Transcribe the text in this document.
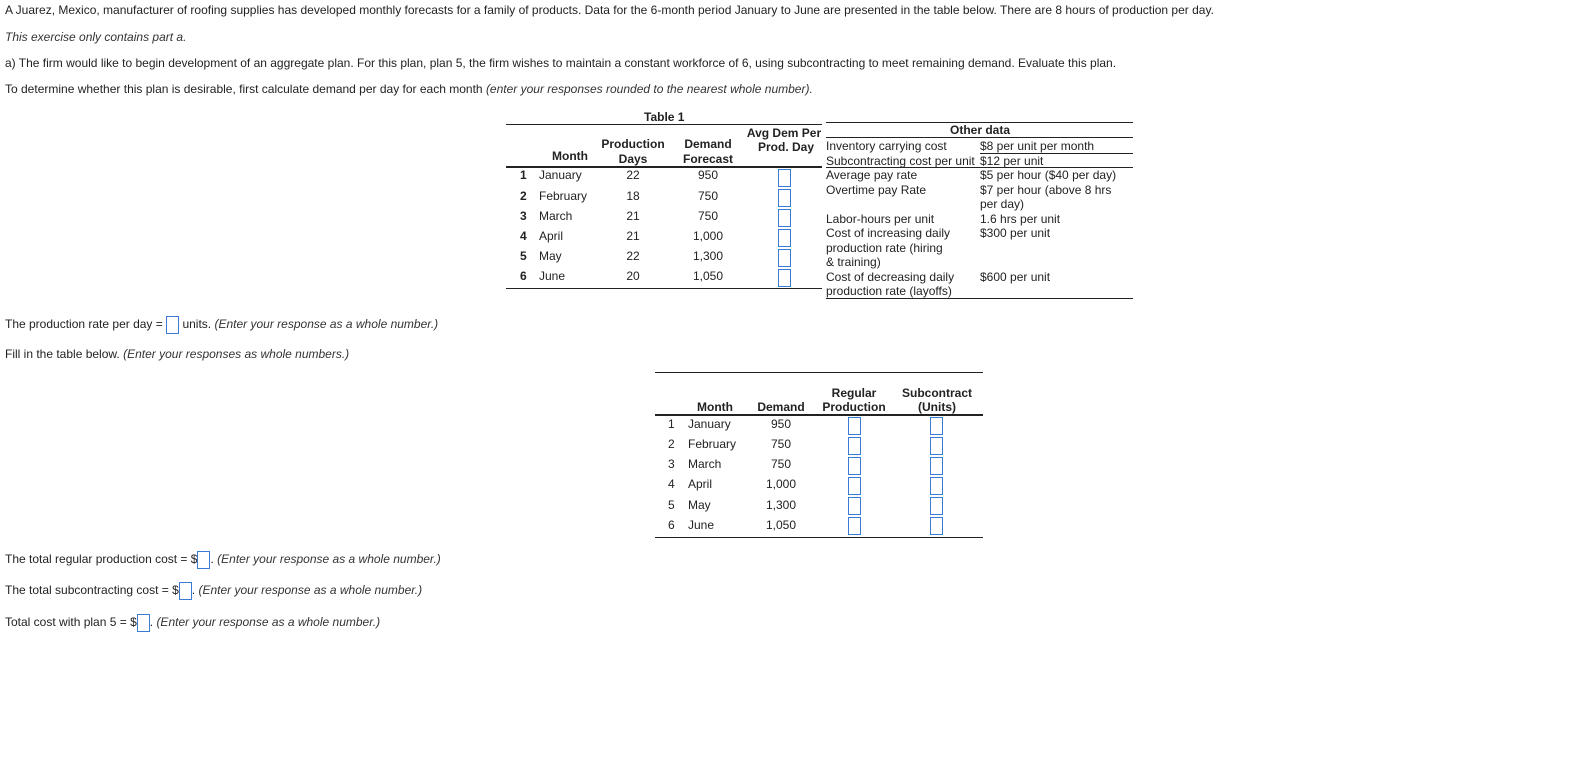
A Juarez, Mexico, manufacturer of roofing supplies has developed monthly forecasts for a family of products. Data for the 6-month period January to June are presented in the table below. There are 8 hours of production per day.
This exercise only contains part a.
a) The firm would like to begin development of an aggregate plan. For this plan, plan 5, the firm wishes to maintain a constant workforce of 6, using subcontracting to meet remaining demand. Evaluate this plan.
To determine whether this plan is desirable, first calculate demand per day for each month (enter your responses rounded to the nearest whole number).
Table 1
Production
Days
Demand
Forecast
Avg Dem Per
Prod. Day
Month
1 January	22	950
2 February	18	750
3 March	21	750
4 April	21	1,000
5 May	22	1,300
6 June	20	1,050
Other data
Inventory carrying cost	$8 per unit per month
Subcontracting cost per unit $12 per unit
Average pay rate	$5 per hour ($40 per day)
Overtime pay Rate	$7 per hour (above 8 hrs
per day)
Labor-hours per unit	1.6 hrs per unit
Cost of increasing daily
production rate (hiring
& training)
$300 per unit
Cost of decreasing daily
production rate (layoffs)
$600 per unit
The production rate per day = units. (Enter your response as a whole number.)
Fill in the table below. (Enter your responses as whole numbers.)
Regular
Production
Subcontract
(Units)
Month	Demand
1 January	950
2 February	750
3 March	750
4 April	1,000
5 May	1,300
6 June	1,050
The total regular production cost = $ . (Enter your response as a whole number.)
The total subcontracting cost = $ . (Enter your response as a whole number.)
Total cost with plan 5 = $ . (Enter your response as a whole number.)
